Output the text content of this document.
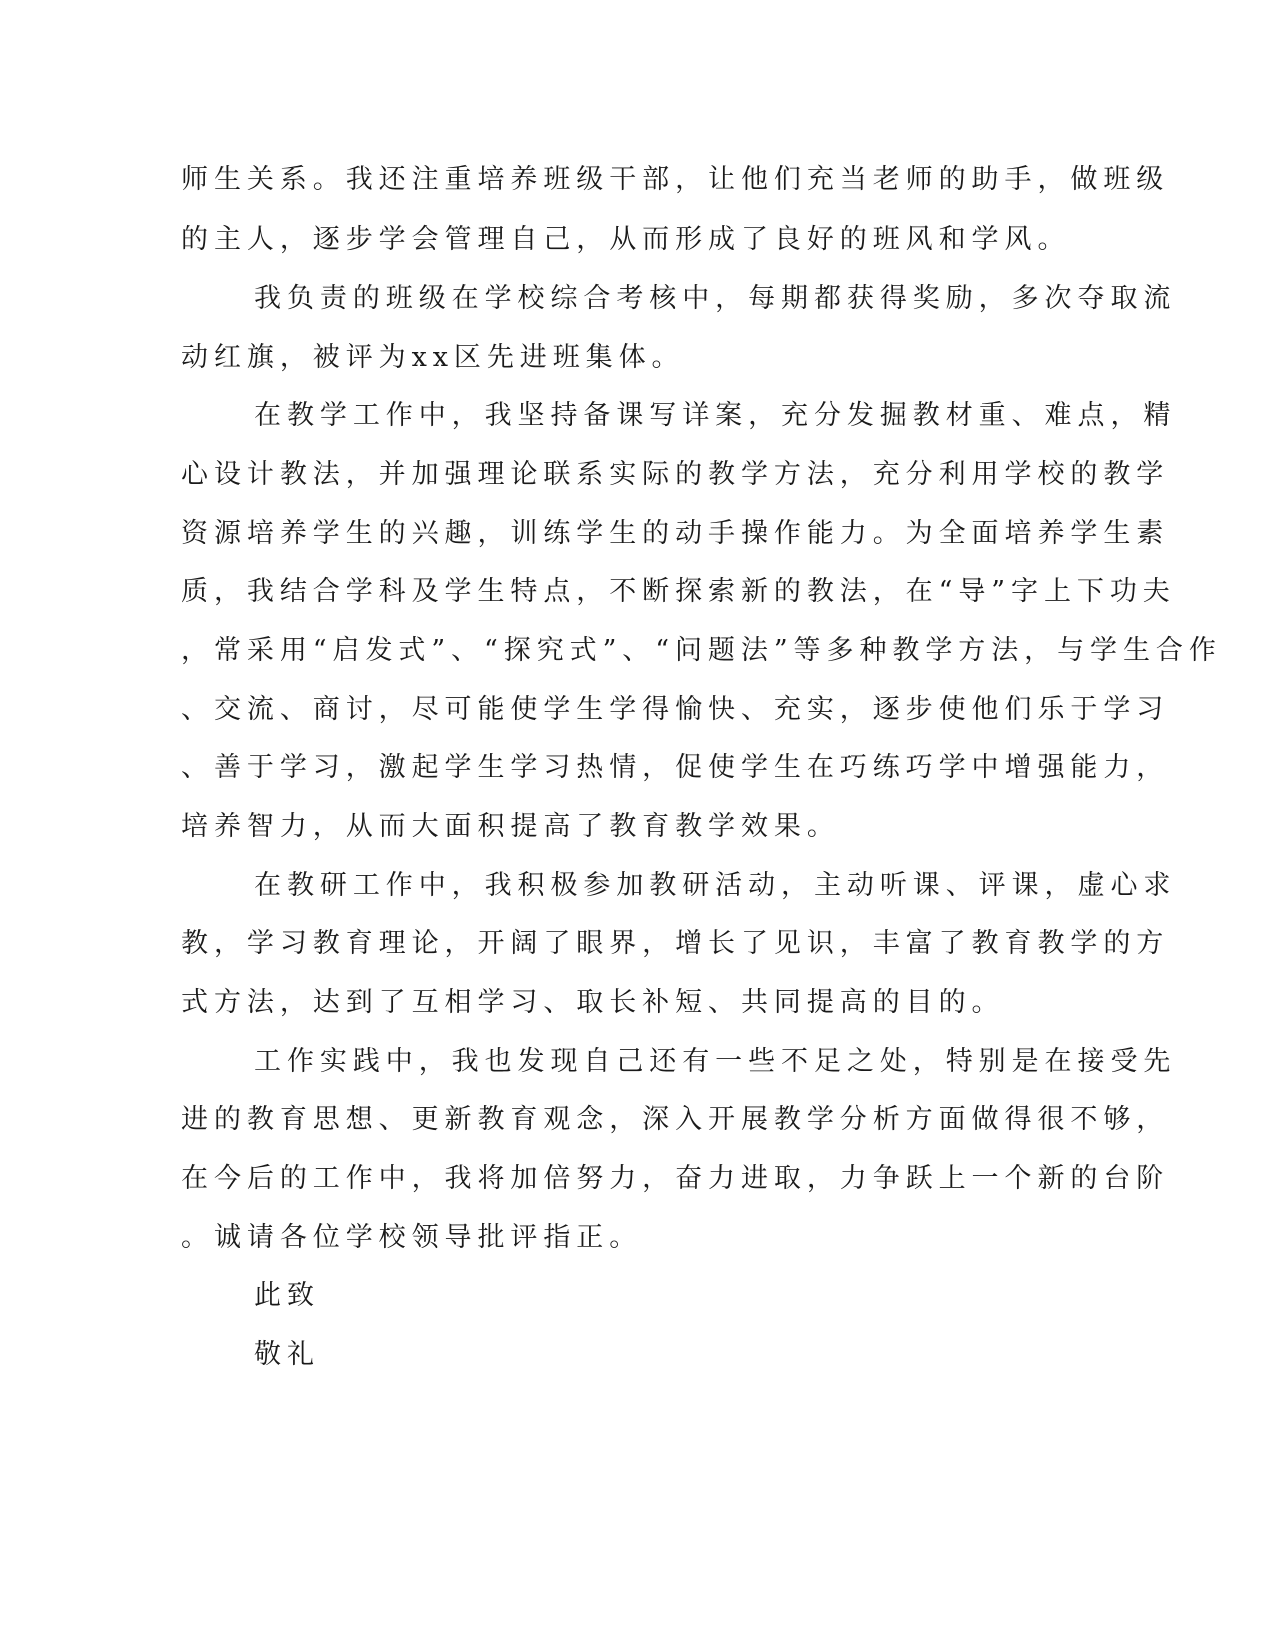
师生关系。我还注重培养班级干部，让他们充当老师的助手，做班级
的主人，逐步学会管理自己，从而形成了良好的班风和学风。
我负责的班级在学校综合考核中，每期都获得奖励，多次夺取流
动红旗，被评为xx区先进班集体。
在教学工作中，我坚持备课写详案，充分发掘教材重、难点，精
心设计教法，并加强理论联系实际的教学方法，充分利用学校的教学
资源培养学生的兴趣，训练学生的动手操作能力。为全面培养学生素
质，我结合学科及学生特点，不断探索新的教法，在“导”字上下功夫
，常采用“启发式”、“探究式”、“问题法”等多种教学方法，与学生合作
、交流、商讨，尽可能使学生学得愉快、充实，逐步使他们乐于学习
、善于学习，激起学生学习热情，促使学生在巧练巧学中增强能力，
培养智力，从而大面积提高了教育教学效果。
在教研工作中，我积极参加教研活动，主动听课、评课，虚心求
教，学习教育理论，开阔了眼界，增长了见识，丰富了教育教学的方
式方法，达到了互相学习、取长补短、共同提高的目的。
工作实践中，我也发现自己还有一些不足之处，特别是在接受先
进的教育思想、更新教育观念，深入开展教学分析方面做得很不够，
在今后的工作中，我将加倍努力，奋力进取，力争跃上一个新的台阶
。诚请各位学校领导批评指正。
此致
敬礼
